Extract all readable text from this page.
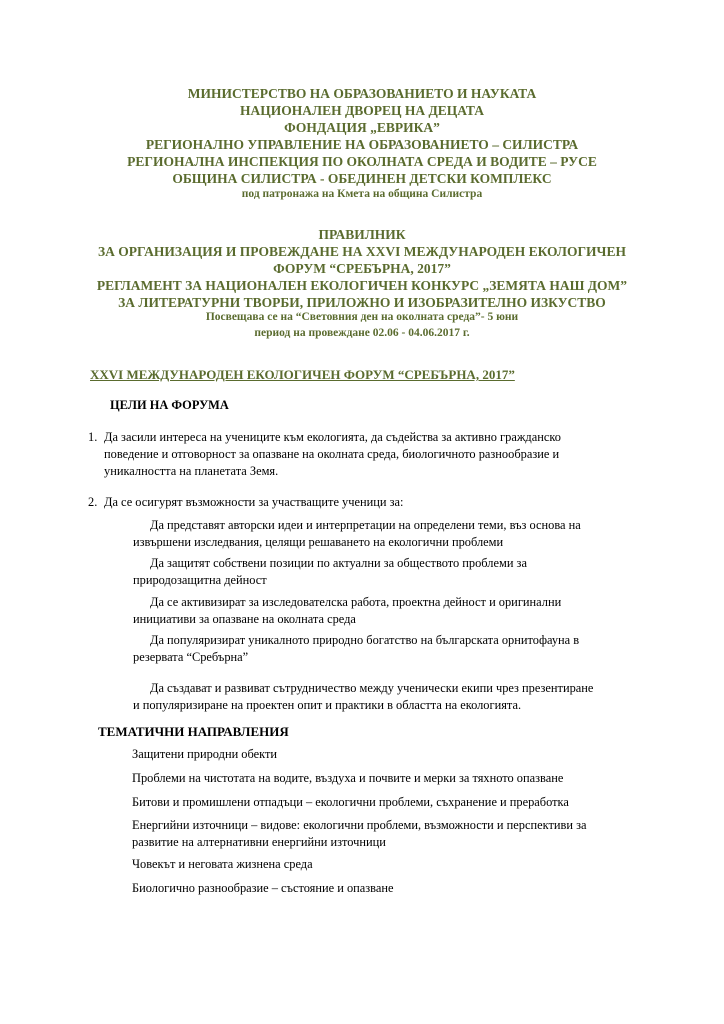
МИНИСТЕРСТВО НА ОБРАЗОВАНИЕТО И НАУКАТА
НАЦИОНАЛЕН ДВОРЕЦ НА ДЕЦАТА
ФОНДАЦИЯ „ЕВРИКА”
РЕГИОНАЛНО УПРАВЛЕНИЕ НА ОБРАЗОВАНИЕТО – СИЛИСТРА
РЕГИОНАЛНА ИНСПЕКЦИЯ ПО ОКОЛНАТА СРЕДА И ВОДИТЕ – РУСЕ
ОБЩИНА СИЛИСТРА - ОБЕДИНЕН ДЕТСКИ КОМПЛЕКС
под патронажа на Кмета на община Силистра
ПРАВИЛНИК
ЗА ОРГАНИЗАЦИЯ И ПРОВЕЖДАНЕ НА XXVI МЕЖДУНАРОДЕН ЕКОЛОГИЧЕН
ФОРУМ “СРЕБЪРНА, 2017”
РЕГЛАМЕНТ ЗА НАЦИОНАЛЕН ЕКОЛОГИЧЕН КОНКУРС „ЗЕМЯТА НАШ ДОМ”
ЗА ЛИТЕРАТУРНИ ТВОРБИ, ПРИЛОЖНО И ИЗОБРАЗИТЕЛНО ИЗКУСТВО
Посвещава се на “Световния ден на околната среда”- 5 юни
период на провеждане 02.06 - 04.06.2017 г.
XXVI МЕЖДУНАРОДЕН ЕКОЛОГИЧЕН ФОРУМ “СРЕБЪРНА, 2017”
ЦЕЛИ НА ФОРУМА
1. Да засили интереса на учениците към екологията, да съдейства за активно гражданско
поведение и отговорност за опазване на околната среда, биологичното разнообразие и
уникалността на планетата Земя.
2. Да се осигурят възможности за участващите ученици за:
Да представят авторски идеи и интерпретации на определени теми, въз основа на
извършени изследвания, целящи решаването на екологични проблеми
Да защитят собствени позиции по актуални за обществото проблеми за
природозащитна дейност
Да се активизират за изследователска работа, проектна дейност и оригинални
инициативи за опазване на околната среда
Да популяризират уникалното природно богатство на българската орнитофауна в
резервата “Сребърна”
Да създават и развиват сътрудничество между ученически екипи чрез презентиране
и популяризиране на проектен опит и практики в областта на екологията.
ТЕМАТИЧНИ НАПРАВЛЕНИЯ
Защитени природни обекти
Проблеми на чистотата на водите, въздуха и почвите и мерки за тяхното опазване
Битови и промишлени отпадъци – екологични проблеми, съхранение и преработка
Енергийни източници – видове: екологични проблеми, възможности и перспективи за
развитие на алтернативни енергийни източници
Човекът и неговата жизнена среда
Биологично разнообразие – състояние и опазване
